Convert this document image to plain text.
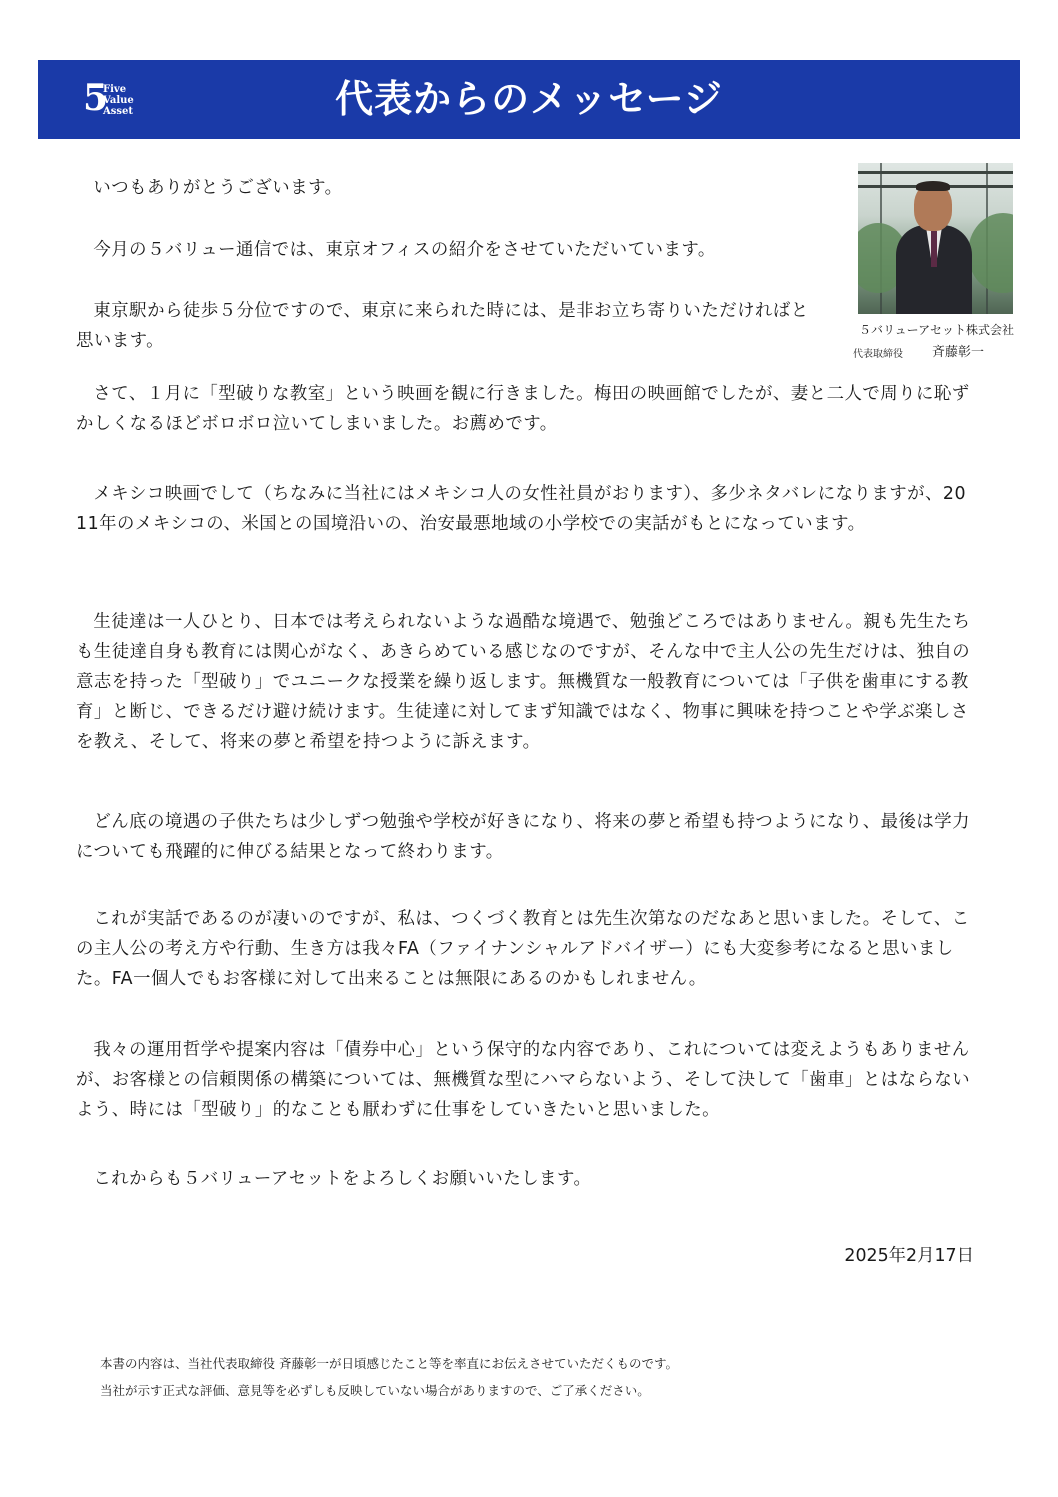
5
Five
Value
Asset	代表からのメッセージ
５バリューアセット株式会社
代表取締役 斉藤彰一

いつもありがとうございます。

今月の５バリュー通信では、東京オフィスの紹介をさせていただいています。

東京駅から徒歩５分位ですので、東京に来られた時には、是非お立ち寄りいただければと思います。

さて、１月に「型破りな教室」という映画を観に行きました。梅田の映画館でしたが、妻と二人で周りに恥ずかしくなるほどボロボロ泣いてしまいました。お薦めです。

メキシコ映画でして（ちなみに当社にはメキシコ人の女性社員がおります）、多少ネタバレになりますが、2011年のメキシコの、米国との国境沿いの、治安最悪地域の小学校での実話がもとになっています。

生徒達は一人ひとり、日本では考えられないような過酷な境遇で、勉強どころではありません。親も先生たちも生徒達自身も教育には関心がなく、あきらめている感じなのですが、そんな中で主人公の先生だけは、独自の意志を持った「型破り」でユニークな授業を繰り返します。無機質な一般教育については「子供を歯車にする教育」と断じ、できるだけ避け続けます。生徒達に対してまず知識ではなく、物事に興味を持つことや学ぶ楽しさを教え、そして、将来の夢と希望を持つように訴えます。

どん底の境遇の子供たちは少しずつ勉強や学校が好きになり、将来の夢と希望も持つようになり、最後は学力についても飛躍的に伸びる結果となって終わります。

これが実話であるのが凄いのですが、私は、つくづく教育とは先生次第なのだなあと思いました。そして、この主人公の考え方や行動、生き方は我々FA（ファイナンシャルアドバイザー）にも大変参考になると思いました。FA一個人でもお客様に対して出来ることは無限にあるのかもしれません。

我々の運用哲学や提案内容は「債券中心」という保守的な内容であり、これについては変えようもありませんが、お客様との信頼関係の構築については、無機質な型にハマらないよう、そして決して「歯車」とはならないよう、時には「型破り」的なことも厭わずに仕事をしていきたいと思いました。

これからも５バリューアセットをよろしくお願いいたします。

2025年2月17日
本書の内容は、当社代表取締役 斉藤彰一が日頃感じたこと等を率直にお伝えさせていただくものです。
当社が示す正式な評価、意見等を必ずしも反映していない場合がありますので、ご了承ください。
